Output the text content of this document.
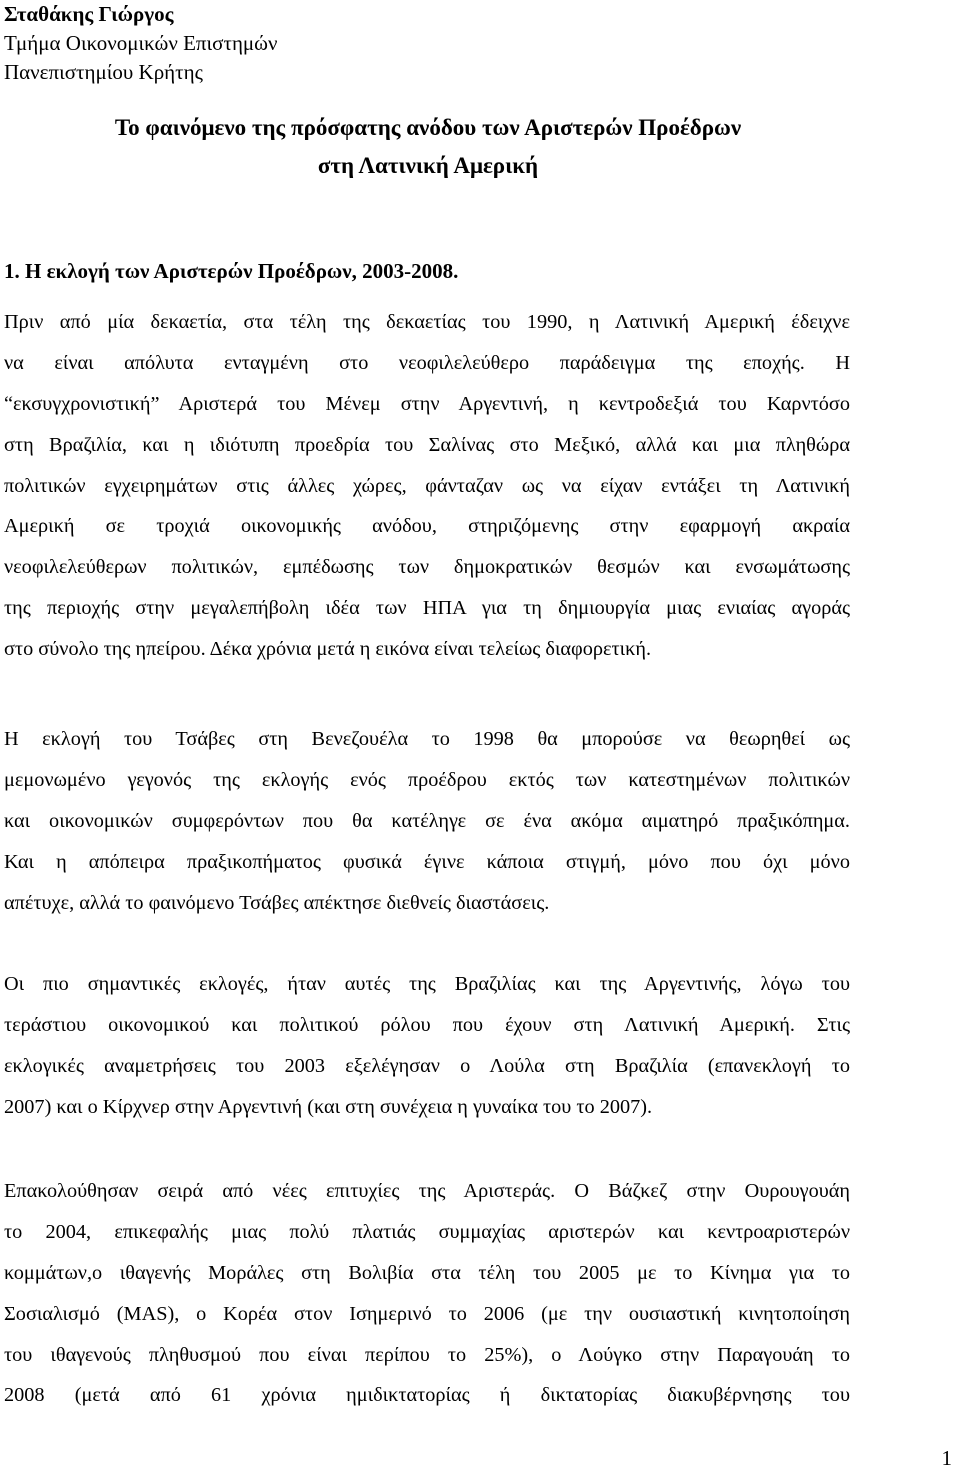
Σταθάκης Γιώργος
Τμήμα Οικονομικών Επιστημών
Πανεπιστημίου Κρήτης
Το φαινόμενο της πρόσφατης ανόδου των Αριστερών Προέδρων
στη Λατινική Αμερική
1. Η εκλογή των Αριστερών Προέδρων, 2003-2008.
Πριν από μία δεκαετία, στα τέλη της δεκαετίας του 1990, η Λατινική Αμερική έδειχνε
να είναι απόλυτα ενταγμένη στο νεοφιλελεύθερο παράδειγμα της εποχής. Η
“εκσυγχρονιστική” Αριστερά του Μένεμ στην Αργεντινή, η κεντροδεξιά του Καρντόσο
στη Βραζιλία, και η ιδιότυπη προεδρία του Σαλίνας στο Μεξικό, αλλά και μια πληθώρα
πολιτικών εγχειρημάτων στις άλλες χώρες, φάνταζαν ως να είχαν εντάξει τη Λατινική
Αμερική σε τροχιά οικονομικής ανόδου, στηριζόμενης στην εφαρμογή ακραία
νεοφιλελεύθερων πολιτικών, εμπέδωσης των δημοκρατικών θεσμών και ενσωμάτωσης
της περιοχής στην μεγαλεπήβολη ιδέα των ΗΠΑ για τη δημιουργία μιας ενιαίας αγοράς
στο σύνολο της ηπείρου. Δέκα χρόνια μετά η εικόνα είναι τελείως διαφορετική.
Η εκλογή του Τσάβες στη Βενεζουέλα το 1998 θα μπορούσε να θεωρηθεί ως
μεμονωμένο γεγονός της εκλογής ενός προέδρου εκτός των κατεστημένων πολιτικών
και οικονομικών συμφερόντων που θα κατέληγε σε ένα ακόμα αιματηρό πραξικόπημα.
Και η απόπειρα πραξικοπήματος φυσικά έγινε κάποια στιγμή, μόνο που όχι μόνο
απέτυχε, αλλά το φαινόμενο Τσάβες απέκτησε διεθνείς διαστάσεις.
Οι πιο σημαντικές εκλογές, ήταν αυτές της Βραζιλίας και της Αργεντινής, λόγω του
τεράστιου οικονομικού και πολιτικού ρόλου που έχουν στη Λατινική Αμερική. Στις
εκλογικές αναμετρήσεις του 2003 εξελέγησαν ο Λούλα στη Βραζιλία (επανεκλογή το
2007) και ο Κίρχνερ στην Αργεντινή (και στη συνέχεια η γυναίκα του το 2007).
Επακολούθησαν σειρά από νέες επιτυχίες της Αριστεράς. Ο Βάζκεζ στην Ουρουγουάη
το 2004, επικεφαλής μιας πολύ πλατιάς συμμαχίας αριστερών και κεντροαριστερών
κομμάτων,ο ιθαγενής Μοράλες στη Βολιβία στα τέλη του 2005 με το Κίνημα για το
Σοσιαλισμό (MAS), ο Κορέα στον Ισημερινό το 2006 (με την ουσιαστική κινητοποίηση
του ιθαγενούς πληθυσμού που είναι περίπου το 25%), ο Λούγκο στην Παραγουάη το
2008 (μετά από 61 χρόνια ημιδικτατορίας ή δικτατορίας διακυβέρνησης του
1
